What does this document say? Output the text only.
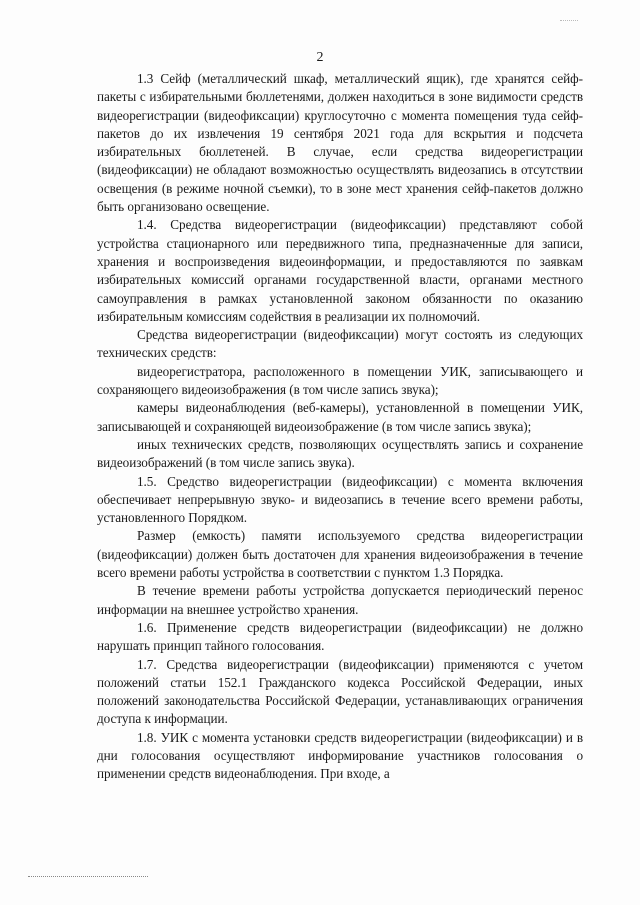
2

1.3 Сейф (металлический шкаф, металлический ящик), где хранятся сейф-пакеты с избирательными бюллетенями, должен находиться в зоне видимости средств видеорегистрации (видеофиксации) круглосуточно с момента помещения туда сейф-пакетов до их извлечения 19 сентября 2021 года для вскрытия и подсчета избирательных бюллетеней. В случае, если средства видеорегистрации (видеофиксации) не обладают возможностью осуществлять видеозапись в отсутствии освещения (в режиме ночной съемки), то в зоне мест хранения сейф-пакетов должно быть организовано освещение.

1.4. Средства видеорегистрации (видеофиксации) представляют собой устройства стационарного или передвижного типа, предназначенные для записи, хранения и воспроизведения видеоинформации, и предоставляются по заявкам избирательных комиссий органами государственной власти, органами местного самоуправления в рамках установленной законом обязанности по оказанию избирательным комиссиям содействия в реализации их полномочий.

Средства видеорегистрации (видеофиксации) могут состоять из следующих технических средств:

видеорегистратора, расположенного в помещении УИК, записывающего и сохраняющего видеоизображения (в том числе запись звука);

камеры видеонаблюдения (веб-камеры), установленной в помещении УИК, записывающей и сохраняющей видеоизображение (в том числе запись звука);

иных технических средств, позволяющих осуществлять запись и сохранение видеоизображений (в том числе запись звука).

1.5. Средство видеорегистрации (видеофиксации) с момента включения обеспечивает непрерывную звуко- и видеозапись в течение всего времени работы, установленного Порядком.

Размер (емкость) памяти используемого средства видеорегистрации (видеофиксации) должен быть достаточен для хранения видеоизображения в течение всего времени работы устройства в соответствии с пунктом 1.3 Порядка.

В течение времени работы устройства допускается периодический перенос информации на внешнее устройство хранения.

1.6. Применение средств видеорегистрации (видеофиксации) не должно нарушать принцип тайного голосования.

1.7. Средства видеорегистрации (видеофиксации) применяются с учетом положений статьи 152.1 Гражданского кодекса Российской Федерации, иных положений законодательства Российской Федерации, устанавливающих ограничения доступа к информации.

1.8. УИК с момента установки средств видеорегистрации (видеофиксации) и в дни голосования осуществляют информирование участников голосования о применении средств видеонаблюдения. При входе, а
